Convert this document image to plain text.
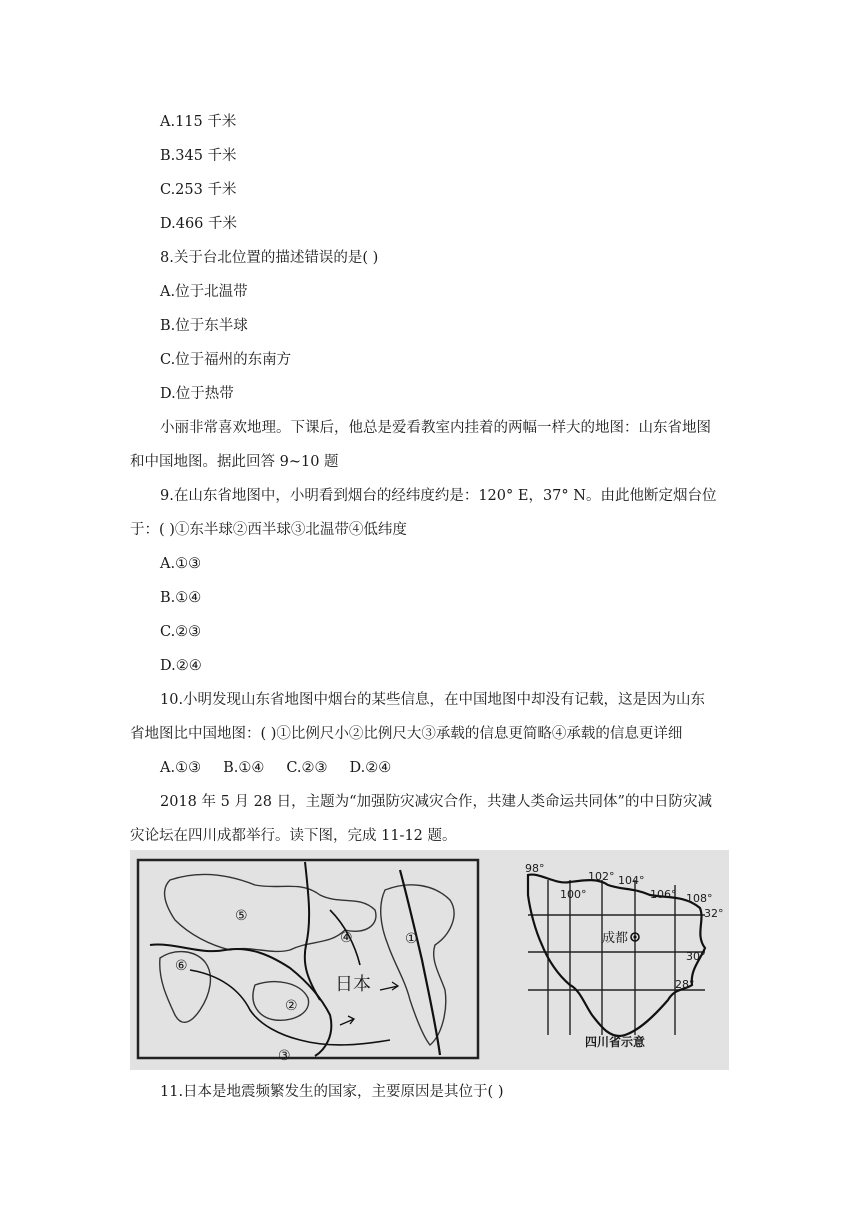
A.115 千米
B.345 千米
C.253 千米
D.466 千米
8.关于台北位置的描述错误的是( )
A.位于北温带
B.位于东半球
C.位于福州的东南方
D.位于热带
小丽非常喜欢地理。下课后，他总是爱看教室内挂着的两幅一样大的地图：山东省地图
和中国地图。据此回答 9~10 题
9.在山东省地图中，小明看到烟台的经纬度约是：120° E，37° N。由此他断定烟台位
于：( )①东半球②西半球③北温带④低纬度
A.①③
B.①④
C.②③
D.②④
10.小明发现山东省地图中烟台的某些信息，在中国地图中却没有记载，这是因为山东
省地图比中国地图：( )①比例尺小②比例尺大③承载的信息更简略④承载的信息更详细
A.①③ B.①④ C.②③ D.②④
2018 年 5 月 28 日，主题为“加强防灾减灾合作，共建人类命运共同体”的中日防灾减
灾论坛在四川成都举行。读下图，完成 11-12 题。
⑤
①
④
⑥
日本
②
③
98°
102° 104°
100°	106° 108°
32°
30°
28°
成都
四川省示意
11.日本是地震频繁发生的国家，主要原因是其位于( )
